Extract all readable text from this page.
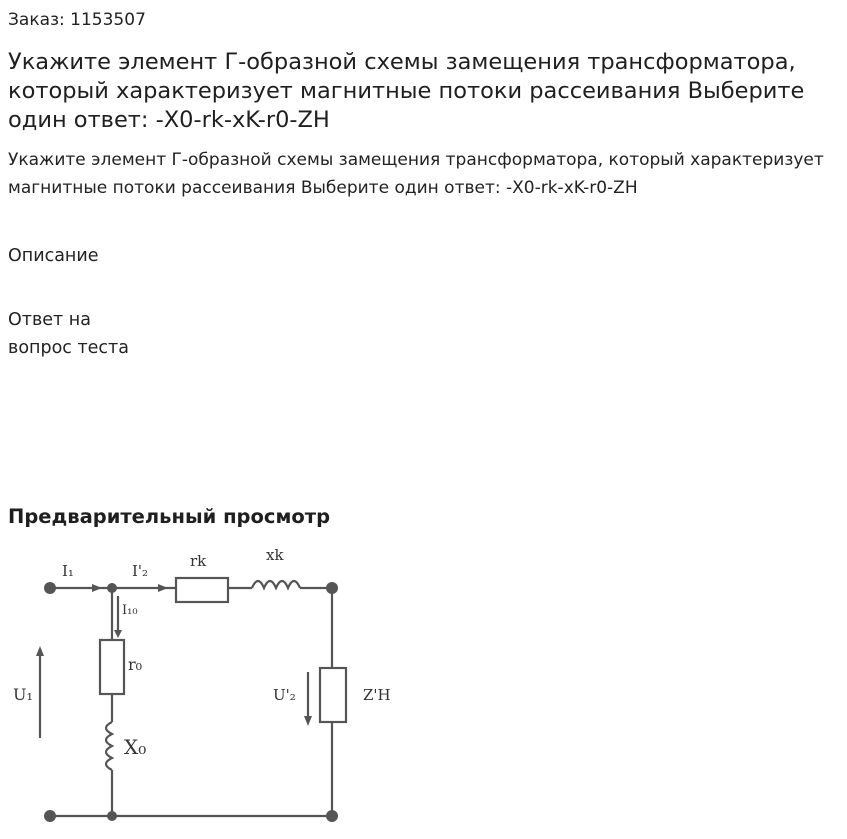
Заказ: 1153507
Укажите элемент Г-образной схемы замещения трансформатора, который характеризует магнитные потоки рассеивания Выберите один ответ: -X0-rk-xK-r0-ZH
Укажите элемент Г-образной схемы замещения трансформатора, который характеризует магнитные потоки рассеивания Выберите один ответ: -X0-rk-xK-r0-ZH
Описание
Ответ на
вопрос теста
Предварительный просмотр
I₁	I'₂
I₁₀
rk	xk
r₀
X₀
U₁	U'₂	Z'H
